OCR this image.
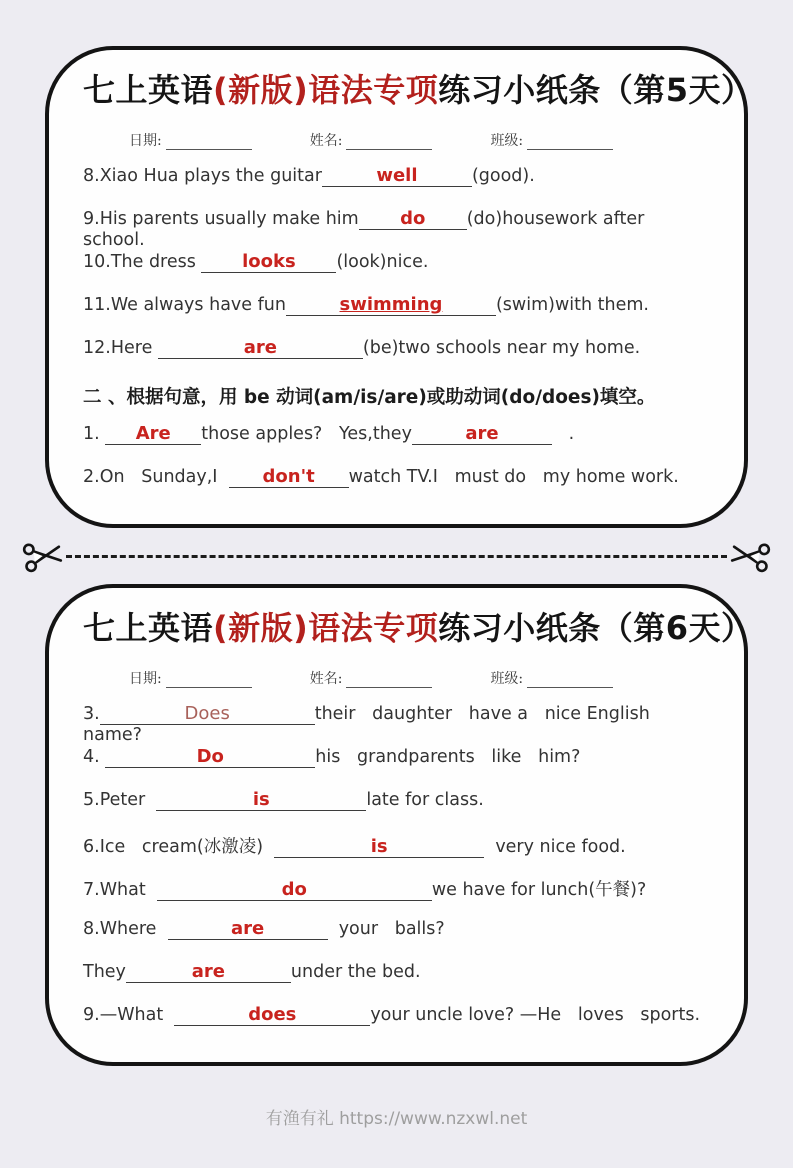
七上英语(新版)语法专项练习小纸条（第5天）
日期:	姓名:	班级:
8.Xiao Hua plays the guitar	well	(good).
9.His parents usually make him do (do)housework after school.
10.The dress looks (look)nice.
11.We always have fun	swimming	(swim)with them.
12.Here	are	(be)two schools near my home.
二 、根据句意，用 be 动词(am/is/are)或助动词(do/does)填空。
1. Are those apples?   Yes,they	are	.
2.On   Sunday,I  don't watch TV.I   must do   my home work.
七上英语(新版)语法专项练习小纸条（第6天）
日期:	姓名:	班级:
3.	Does	their   daughter   have a   nice English name?
4.	Do	his   grandparents   like   him?
5.Peter	is	late for class.
6.Ice   cream(冰激凌)	is	very nice food.
7.What	do	we have for lunch(午餐)?
8.Where	are	your   balls?
They	are	under the bed.
9.—What	does	your uncle love? —He   loves   sports.
有渔有礼 https://www.nzxwl.net
